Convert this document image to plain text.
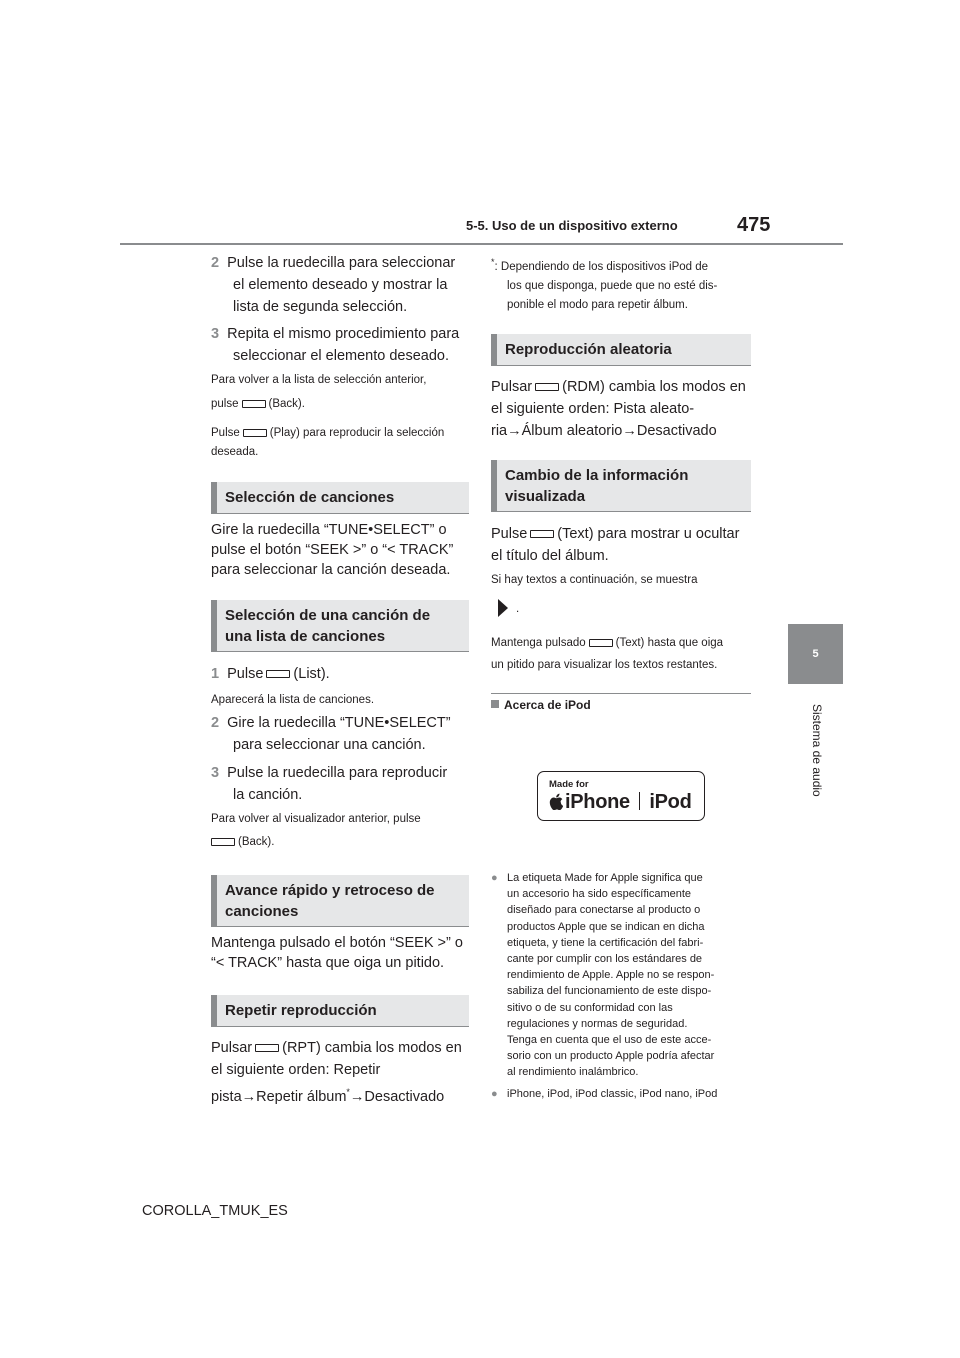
5-5. Uso de un dispositivo externo	475
5
Sistema de audio
2 Pulse la ruedecilla para seleccionar
el elemento deseado y mostrar la
lista de segunda selección.
3 Repita el mismo procedimiento para
seleccionar el elemento deseado.
Para volver a la lista de selección anterior,
pulse	(Back).
Pulse	(Play) para reproducir la selección
deseada.
Selección de canciones
Gire la ruedecilla “TUNE•SELECT” o
pulse el botón “SEEK >” o “< TRACK”
para seleccionar la canción deseada.
Selección de una canción de
una lista de canciones
1 Pulse (List).
Aparecerá la lista de canciones.
2 Gire la ruedecilla “TUNE•SELECT”
para seleccionar una canción.
3 Pulse la ruedecilla para reproducir
la canción.
Para volver al visualizador anterior, pulse
(Back).
Avance rápido y retroceso de
canciones
Mantenga pulsado el botón “SEEK >” o
“< TRACK” hasta que oiga un pitido.
Repetir reproducción
Pulsar (RPT) cambia los modos en
el siguiente orden: Repetir
pista→Repetir álbum*→Desactivado
*: Dependiendo de los dispositivos iPod de
los que disponga, puede que no esté dis-
ponible el modo para repetir álbum.
Reproducción aleatoria
Pulsar (RDM) cambia los modos en
el siguiente orden: Pista aleato-
ria→Álbum aleatorio→Desactivado
Cambio de la información
visualizada
Pulse (Text) para mostrar u ocultar
el título del álbum.
Si hay textos a continuación, se muestra
.
Mantenga pulsado	(Text) hasta que oiga
un pitido para visualizar los textos restantes.
Acerca de iPod
Made for
iPhone iPod
● La etiqueta Made for Apple significa que
un accesorio ha sido específicamente
diseñado para conectarse al producto o
productos Apple que se indican en dicha
etiqueta, y tiene la certificación del fabri-
cante por cumplir con los estándares de
rendimiento de Apple. Apple no se respon-
sabiliza del funcionamiento de este dispo-
sitivo o de su conformidad con las
regulaciones y normas de seguridad.
Tenga en cuenta que el uso de este acce-
sorio con un producto Apple podría afectar
al rendimiento inalámbrico.
● iPhone, iPod, iPod classic, iPod nano, iPod
COROLLA_TMUK_ES
